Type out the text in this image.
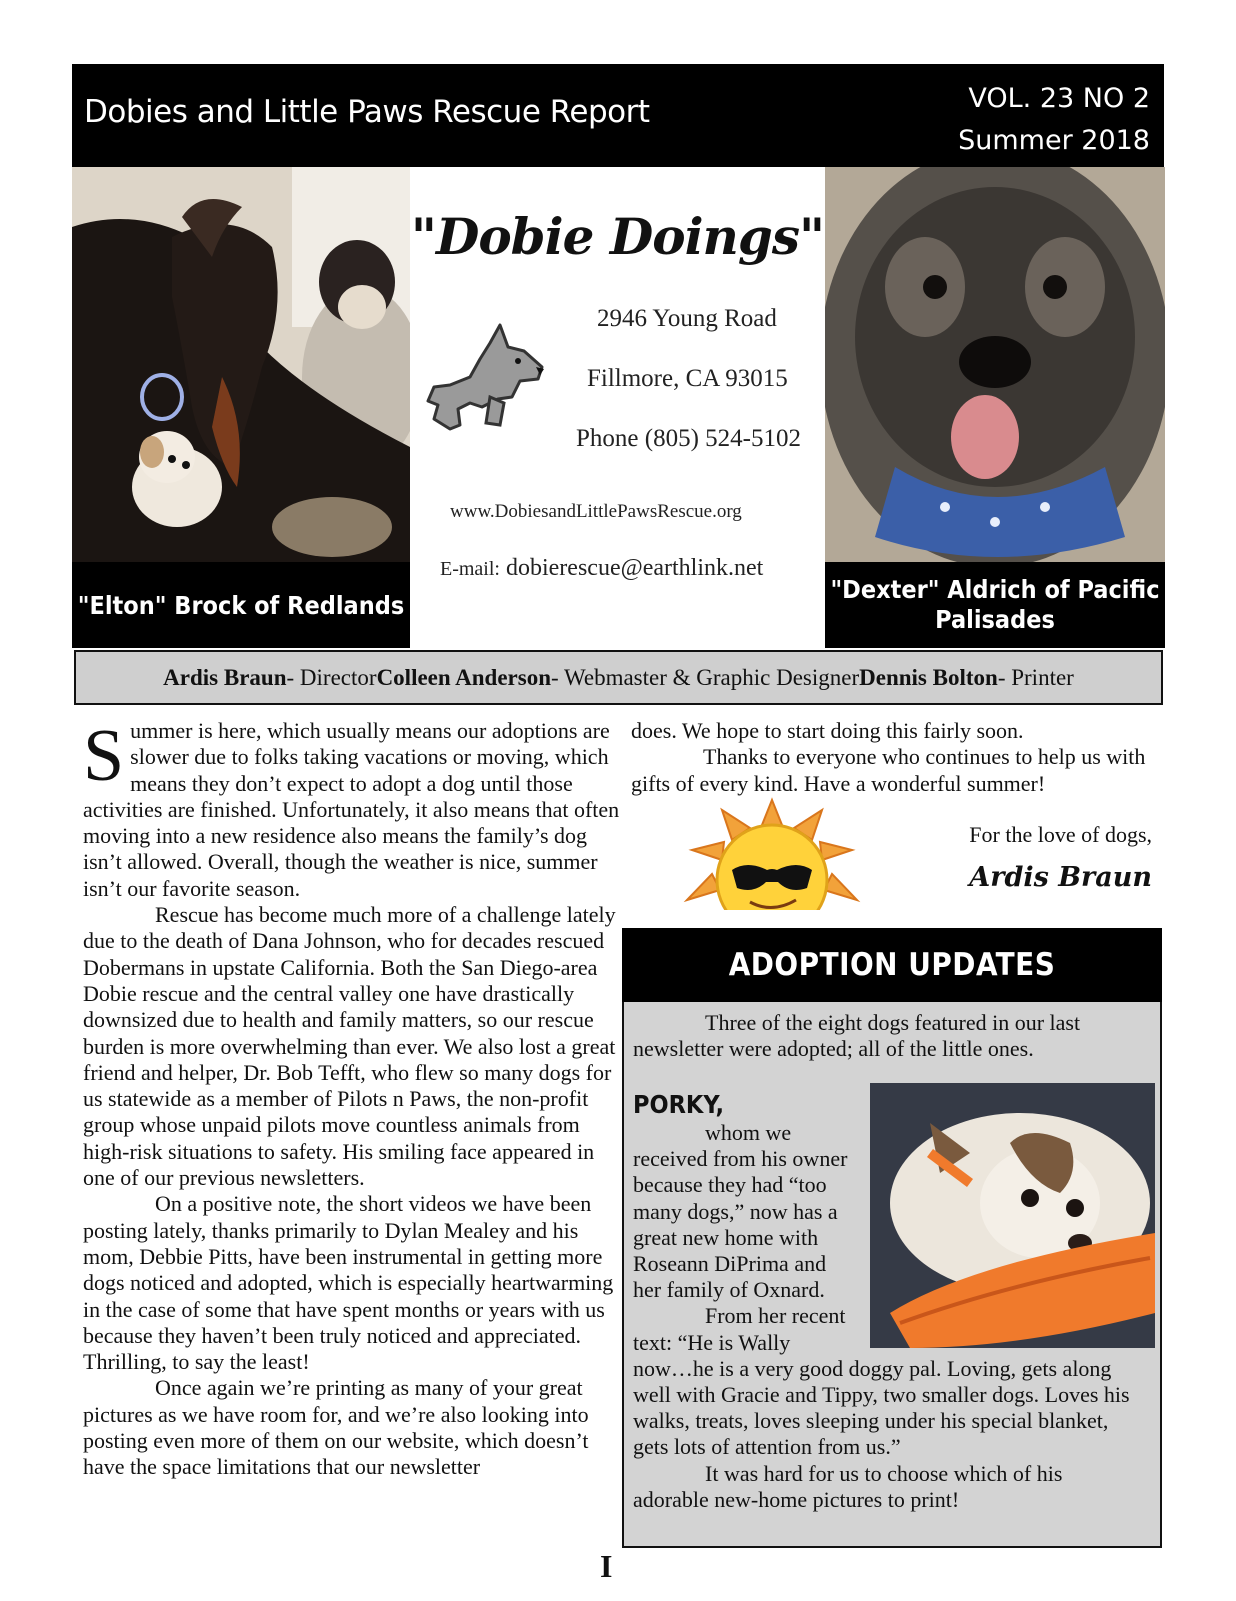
Dobies and Little Paws Rescue Report	VOL. 23 NO 2
Summer 2018
"Elton" Brock of Redlands
"Dobie Doings"
2946 Young Road
Fillmore, CA 93015
Phone (805) 524-5102
www.DobiesandLittlePawsRescue.org
E-mail: dobierescue@earthlink.net
"Dexter" Aldrich of Pacific
Palisades
Ardis Braun - Director Colleen Anderson - Webmaster & Graphic Designer Dennis Bolton - Printer

Summer is here, which usually means our adoptions are slower due to folks taking vacations or moving, which means they don’t expect to adopt a dog until those activities are finished. Unfortunately, it also means that often moving into a new residence also means the family’s dog isn’t allowed. Overall, though the weather is nice, summer isn’t our favorite season.

Rescue has become much more of a challenge lately due to the death of Dana Johnson, who for decades rescued Dobermans in upstate California. Both the San Diego-area Dobie rescue and the central valley one have drastically downsized due to health and family matters, so our rescue burden is more overwhelming than ever. We also lost a great friend and helper, Dr. Bob Tefft, who flew so many dogs for us statewide as a member of Pilots n Paws, the non-profit group whose unpaid pilots move countless animals from high-risk situations to safety. His smiling face appeared in one of our previous newsletters.

On a positive note, the short videos we have been posting lately, thanks primarily to Dylan Mealey and his mom, Debbie Pitts, have been instrumental in getting more dogs noticed and adopted, which is especially heartwarming in the case of some that have spent months or years with us because they haven’t been truly noticed and appreciated. Thrilling, to say the least!

Once again we’re printing as many of your great pictures as we have room for, and we’re also looking into posting even more of them on our website, which doesn’t have the space limitations that our newsletter

does. We hope to start doing this fairly soon.

Thanks to everyone who continues to help us with gifts of every kind. Have a wonderful summer!

For the love of dogs,
Ardis Braun
ADOPTION UPDATES

Three of the eight dogs featured in our last newsletter were adopted; all of the little ones.

PORKY,
whom we
received from his owner
because they had “too
many dogs,” now has a
great new home with
Roseann DiPrima and
her family of Oxnard.
From her recent
text: “He is Wally
now…he is a very good doggy pal. Loving, gets along well with Gracie and Tippy, two smaller dogs. Loves his walks, treats, loves sleeping under his special blanket, gets lots of attention from us.”
It was hard for us to choose which of his adorable new-home pictures to print!
I
